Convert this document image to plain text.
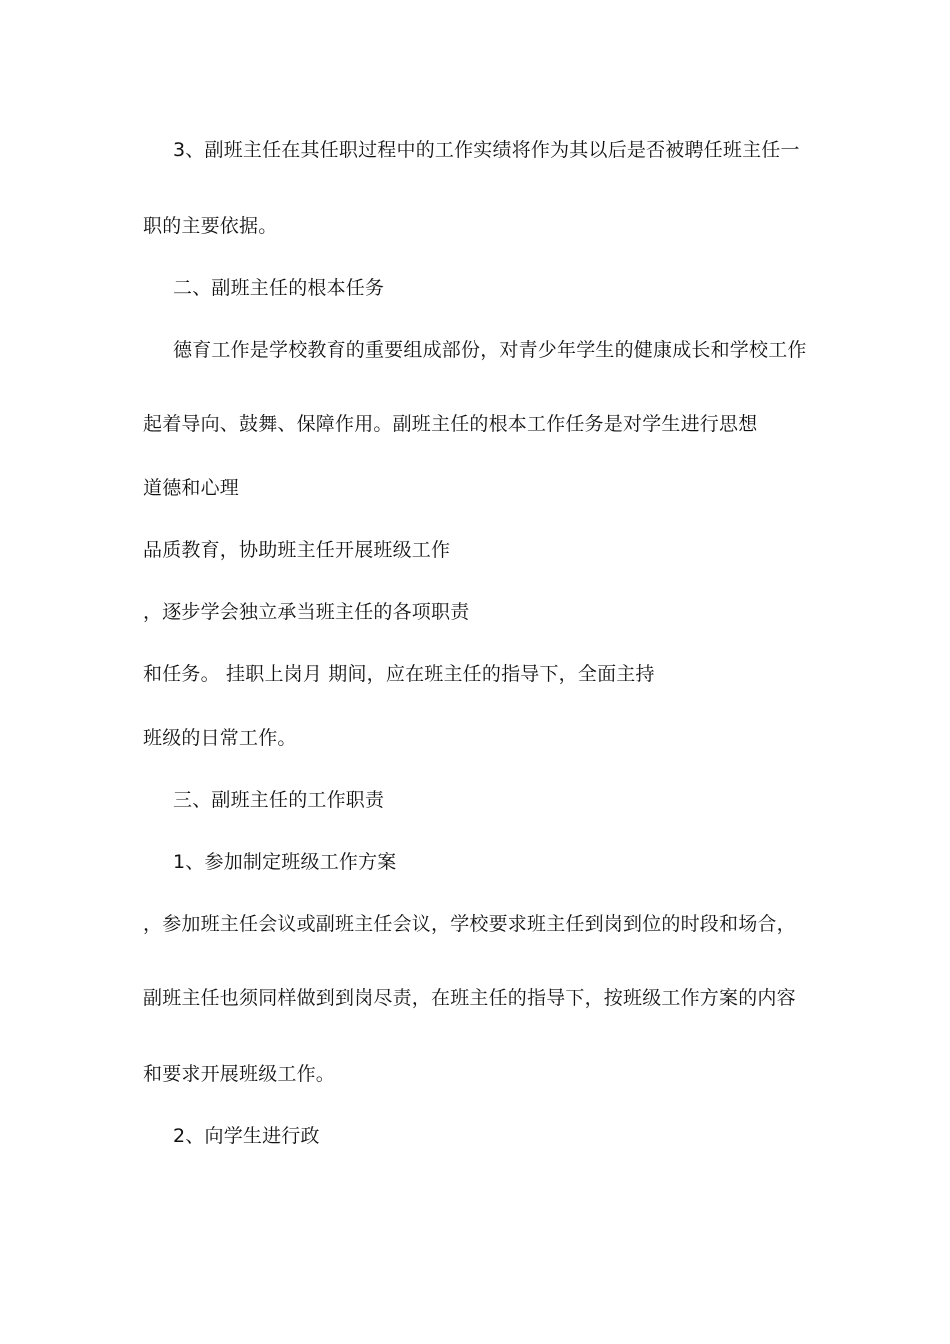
3、副班主任在其任职过程中的工作实绩将作为其以后是否被聘任班主任一
职的主要依据。
二、副班主任的根本任务
德育工作是学校教育的重要组成部份，对青少年学生的健康成长和学校工作
起着导向、鼓舞、保障作用。副班主任的根本工作任务是对学生进行思想
道德和心理
品质教育，协助班主任开展班级工作
，逐步学会独立承当班主任的各项职责
和任务。 挂职上岗月 期间，应在班主任的指导下，全面主持
班级的日常工作。
三、副班主任的工作职责
1、参加制定班级工作方案
，参加班主任会议或副班主任会议，学校要求班主任到岗到位的时段和场合，
副班主任也须同样做到到岗尽责，在班主任的指导下，按班级工作方案的内容
和要求开展班级工作。
2、向学生进行政
